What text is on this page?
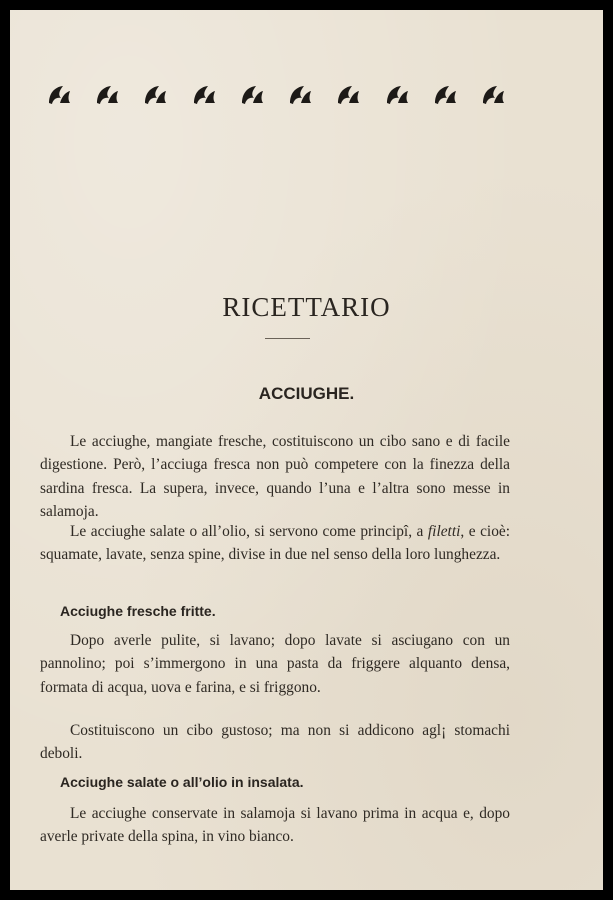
RICETTARIO
ACCIUGHE.

Le acciughe, mangiate fresche, costituiscono un cibo sano e di facile digestione. Però, l’acciuga fresca non può competere con la finezza della sardina fresca. La supera, invece, quando l’una e l’altra sono messe in salamoja.

Le acciughe salate o all’olio, si servono come principî, a filetti, e cioè: squamate, lavate, senza spine, divise in due nel senso della loro lunghezza.

Acciughe fresche fritte.

Dopo averle pulite, si lavano; dopo lavate si asciugano con un pannolino; poi s’immergono in una pasta da friggere alquanto densa, formata di acqua, uova e farina, e si friggono.

Costituiscono un cibo gustoso; ma non si addicono agl¡ stomachi deboli.

Acciughe salate o all’olio in insalata.

Le acciughe conservate in salamoja si lavano prima in acqua e, dopo averle private della spina, in vino bianco.
